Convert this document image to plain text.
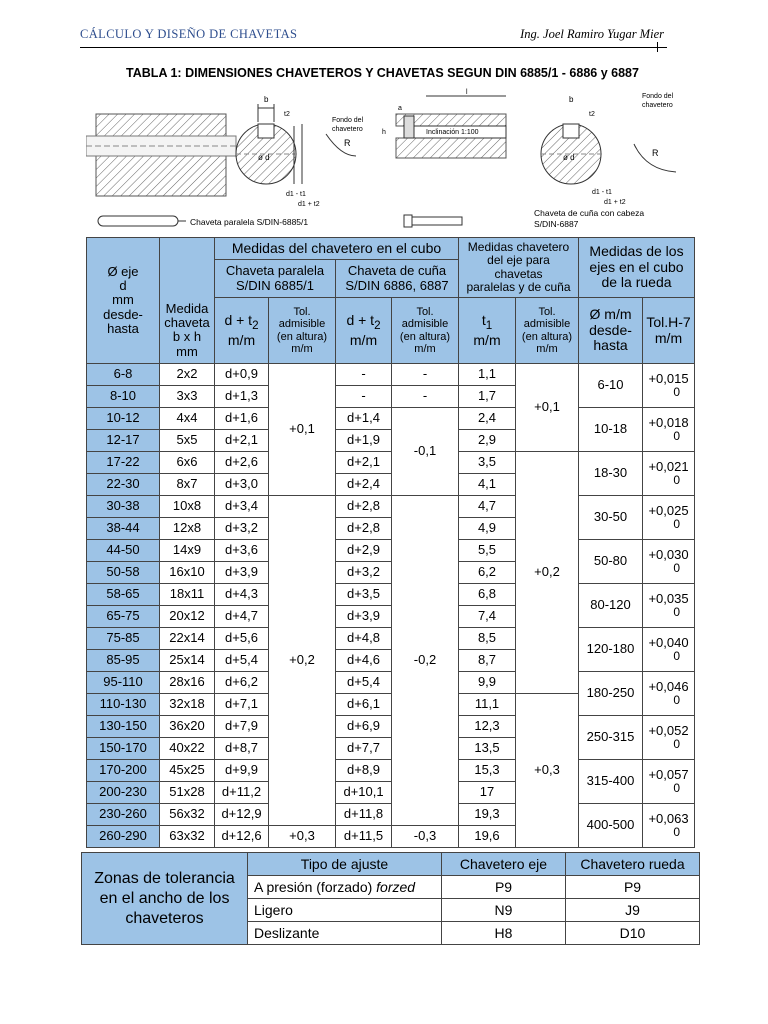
CÁLCULO Y DISEÑO DE CHAVETAS	Ing. Joel Ramiro Yugar Mier
TABLA 1: DIMENSIONES CHAVETEROS Y CHAVETAS SEGUN DIN 6885/1 - 6886 y 6887
b
t2
ø d
d1 - t1
d1 + t2
Fondo del
chavetero
R
l
a
h	Inclinación 1:100
b
t2
ø d
d1 - t1
d1 + t2
Fondo del
chavetero
R
Chaveta paralela S/DIN-6885/1
Chaveta de cuña con cabeza
S/DIN-6887
Ø eje
d
mm
desde-
hasta	Medida
chaveta
b x h
mm	Medidas del chavetero en el cubo				Medidas chavetero
del eje para
chavetas
paralelas y de cuña		Medidas de los
ejes en el cubo
de la rueda	
		Chaveta paralela
S/DIN 6885/1		Chaveta de cuña
S/DIN 6886, 6887					
		$d + t_2$
m/m	Tol.
admisible
(en altura)
m/m	$d + t_2$
m/m	Tol.
admisible
(en altura)
m/m	$t_1$
m/m	Tol.
admisible
(en altura)
m/m	Ø m/m
desde-
hasta	Tol.H-7
m/m
6-8	2x2	d+0,9	+0,1	-	-	1,1	+0,1	6-10	+0,015
0

8-10	3x3	d+1,3		-	-	1,7			
10-12	4x4	d+1,6		d+1,4	-0,1	2,4		10-18	+0,018
0

12-17	5x5	d+2,1		d+1,9		2,9			
17-22	6x6	d+2,6		d+2,1		3,5	+0,2	18-30	+0,021
0

22-30	8x7	d+3,0		d+2,4		4,1			
30-38	10x8	d+3,4	+0,2	d+2,8	-0,2	4,7		30-50	+0,025
0

38-44	12x8	d+3,2		d+2,8		4,9			
44-50	14x9	d+3,6		d+2,9		5,5		50-80	+0,030
0

50-58	16x10	d+3,9		d+3,2		6,2			
58-65	18x11	d+4,3		d+3,5		6,8		80-120	+0,035
0

65-75	20x12	d+4,7		d+3,9		7,4			
75-85	22x14	d+5,6		d+4,8		8,5		120-180	+0,040
0

85-95	25x14	d+5,4		d+4,6		8,7			
95-110	28x16	d+6,2		d+5,4		9,9		180-250	+0,046
0

110-130	32x18	d+7,1		d+6,1		11,1	+0,3		
130-150	36x20	d+7,9		d+6,9		12,3		250-315	+0,052
0

150-170	40x22	d+8,7		d+7,7		13,5			
170-200	45x25	d+9,9		d+8,9		15,3		315-400	+0,057
0

200-230	51x28	d+11,2		d+10,1		17			
230-260	56x32	d+12,9		d+11,8		19,3		400-500	+0,063
0

260-290	63x32	d+12,6	+0,3	d+11,5	-0,3	19,6			
Zonas de tolerancia
en el ancho de los
chaveteros	Tipo de ajuste	Chavetero eje	Chavetero rueda
	A presión (forzado) forzed	P9	P9
	Ligero	N9	J9
	Deslizante	H8	D10
